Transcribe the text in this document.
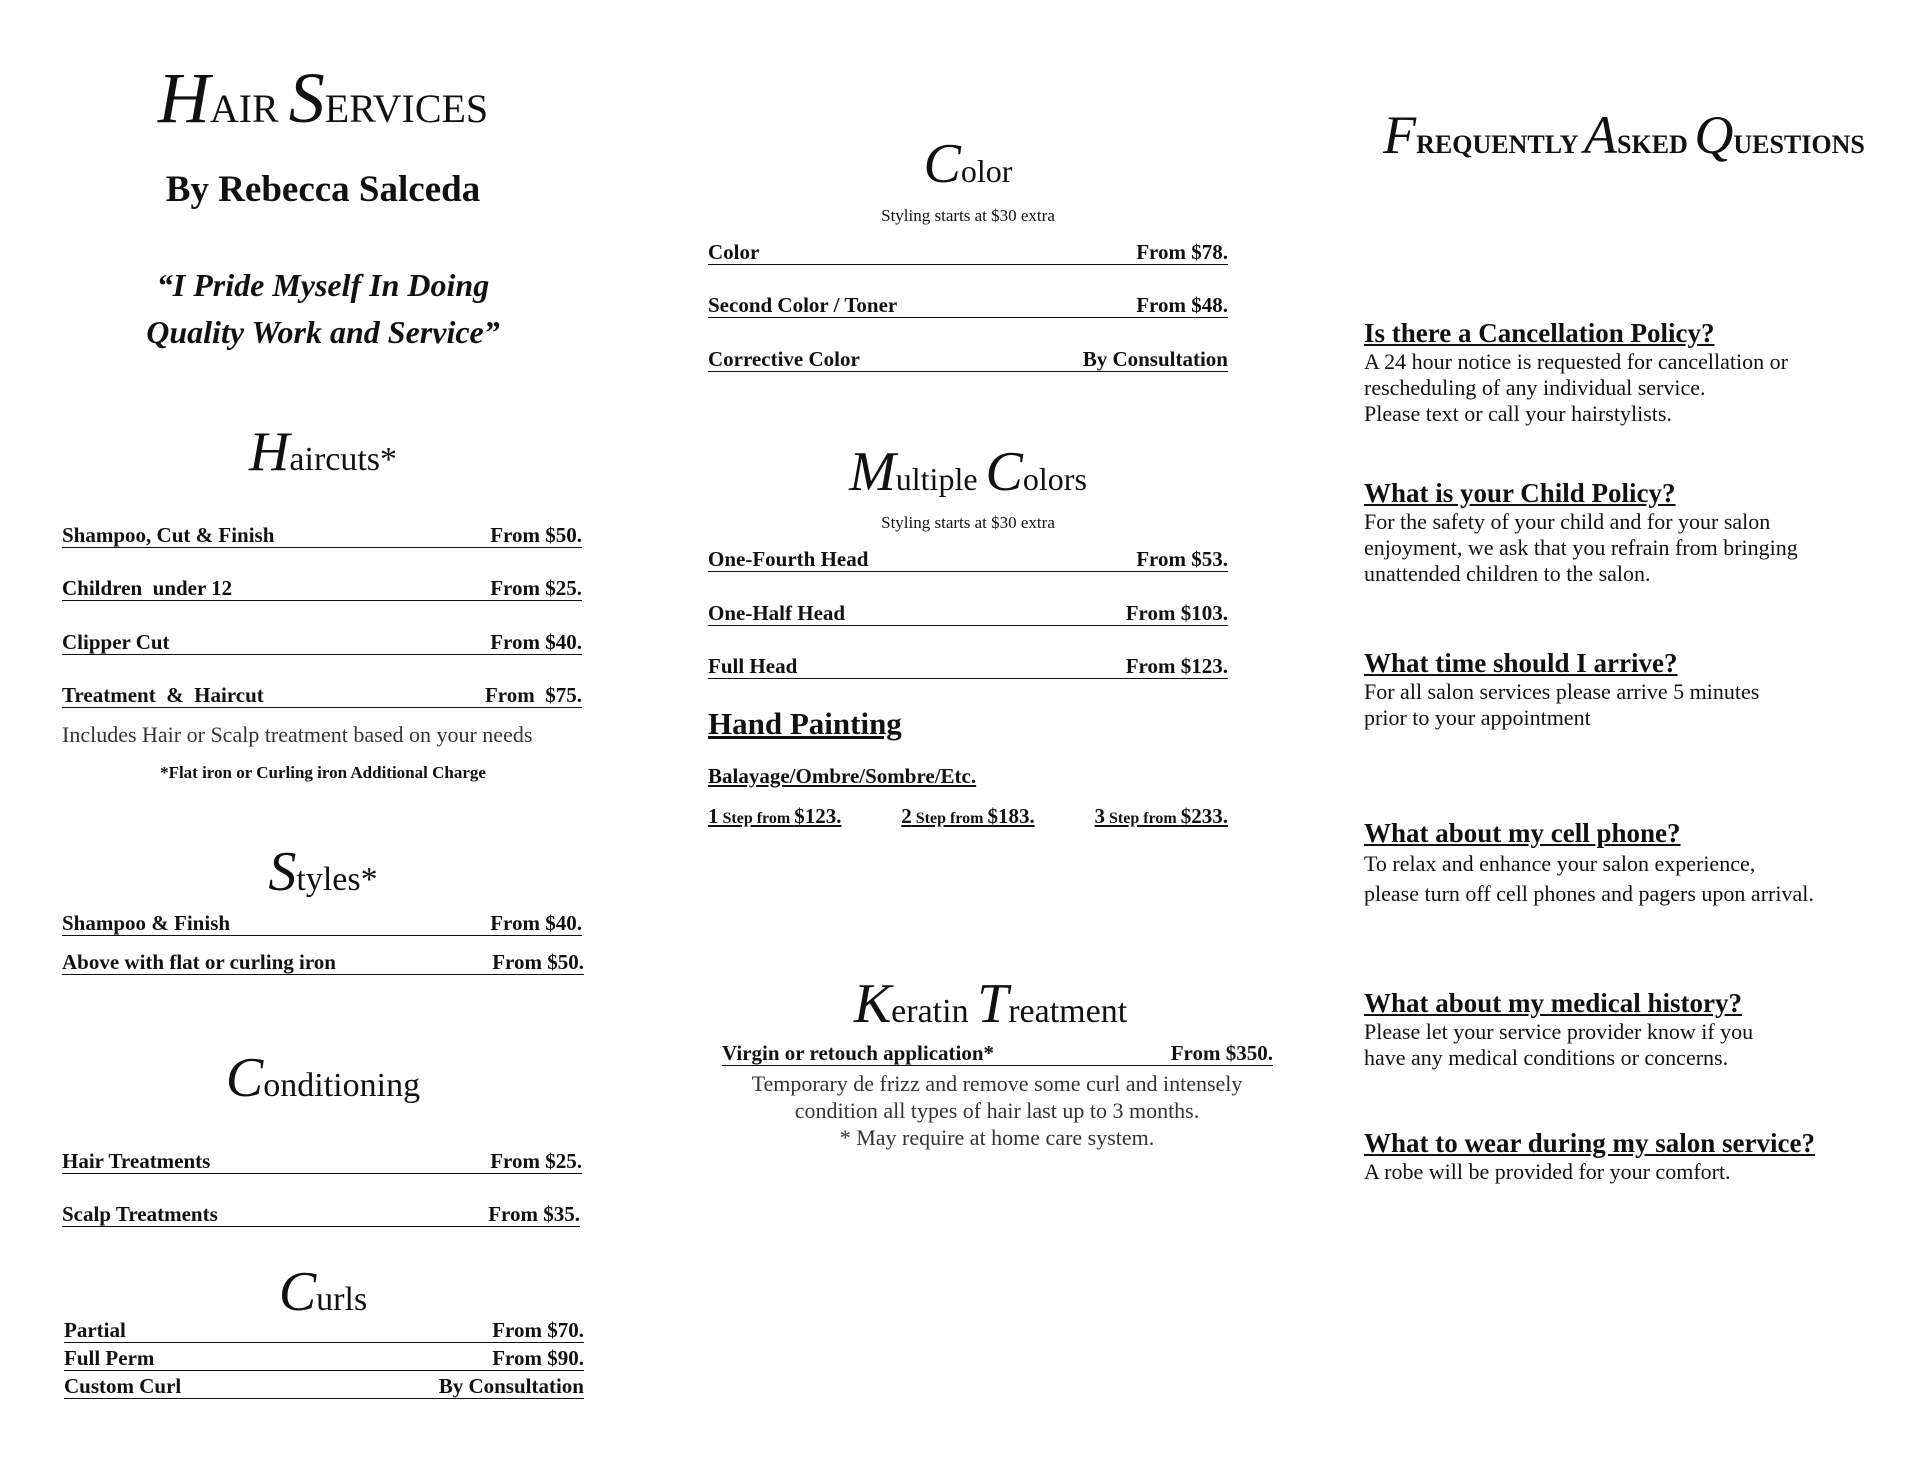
HAIR SERVICES
By Rebecca Salceda
“I Pride Myself In Doing
Quality Work and Service”
Haircuts*
Shampoo, Cut & Finish	From $50.
Children  under 12	From $25.
Clipper Cut	From $40.
Treatment  &  Haircut	From  $75.
Includes Hair or Scalp treatment based on your needs
*Flat iron or Curling iron Additional Charge
Styles*
Shampoo & Finish	From $40.
Above with flat or curling iron	From $50.
Conditioning
Hair Treatments	From $25.
Scalp Treatments	From $35.
Curls
Partial	From $70.
Full Perm	From $90.
Custom Curl	By Consultation
Color
Styling starts at $30 extra
Color	From $78.
Second Color / Toner	From $48.
Corrective Color	By Consultation
Multiple Colors
Styling starts at $30 extra
One-Fourth Head	From $53.
One-Half Head	From $103.
Full Head	From $123.
Hand Painting
Balayage/Ombre/Sombre/Etc.
1 Step from $123.	2 Step from $183.	3 Step from $233.
Keratin Treatment
Virgin or retouch application*	From $350.
Temporary de frizz and remove some curl and intensely
condition all types of hair last up to 3 months.
* May require at home care system.
FREQUENTLY ASKED QUESTIONS
Is there a Cancellation Policy?
A 24 hour notice is requested for cancellation or
rescheduling of any individual service.
Please text or call your hairstylists.
What is your Child Policy?
For the safety of your child and for your salon
enjoyment, we ask that you refrain from bringing
unattended children to the salon.
What time should I arrive?
For all salon services please arrive 5 minutes
prior to your appointment
What about my cell phone?
To relax and enhance your salon experience,
please turn off cell phones and pagers upon arrival.
What about my medical history?
Please let your service provider know if you
have any medical conditions or concerns.
What to wear during my salon service?
A robe will be provided for your comfort.
